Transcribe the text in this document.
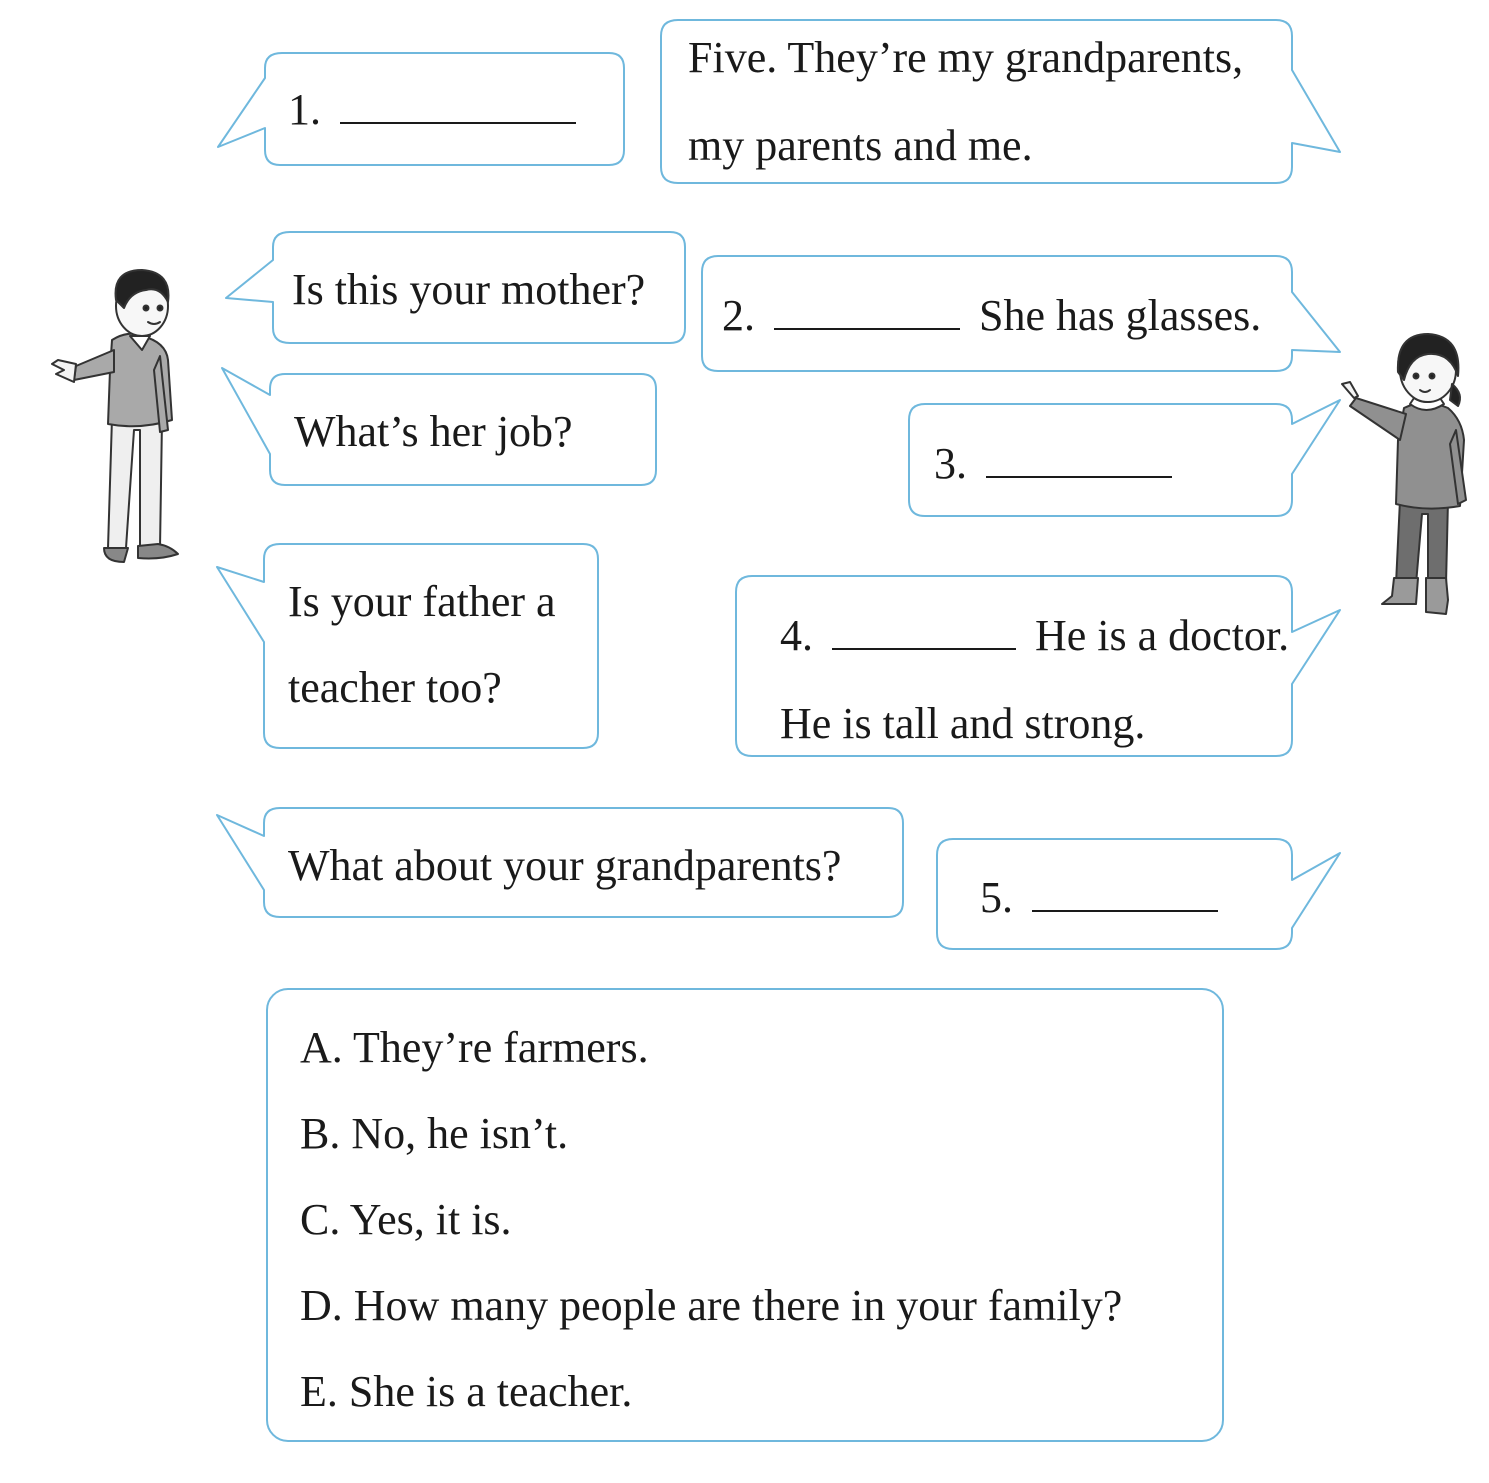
1.
Five. They’re my grandparents,
my parents and me.
Is this your mother?
2.	She has glasses.
What’s her job?
3.
Is your father a
teacher too?
4.	He is a doctor.
He is tall and strong.
What about your grandparents?
5.
A. They’re farmers.
B. No, he isn’t.
C. Yes, it is.
D. How many people are there in your family?
E. She is a teacher.
